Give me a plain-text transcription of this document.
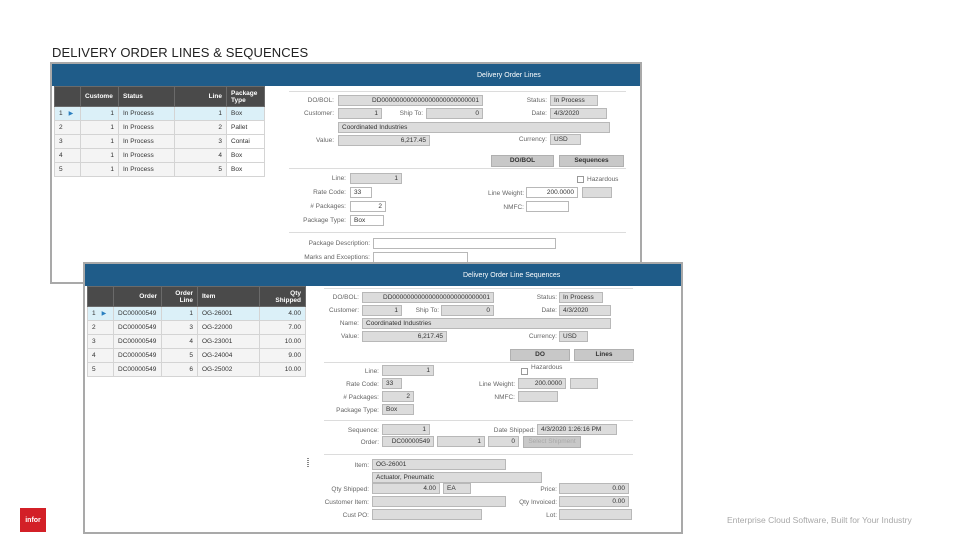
DELIVERY ORDER LINES & SEQUENCES
Delivery Order Lines
	Custome	Status	Line	Package Type
1 ▶	1	In Process	1	Box
2	1	In Process	2	Pallet
3	1	In Process	3	Contai
4	1	In Process	4	Box
5	1	In Process	5	Box
DO/BOL:	DD000000000000000000000000001
Customer:	1	Ship To:	0
Coordinated Industries
Value:	6,217.45
Status:	In Process
Date:	4/3/2020
Currency:	USD
DO/BOL	Sequences
Line:	1
Rate Code:	33
# Packages:	2
Package Type:	Box
Hazardous
Line Weight:	200.0000
NMFC:
Package Description:
Marks and Exceptions:
Delivery Order Line Sequences
	Order	Order Line	Item	Qty Shipped
1 ▶	DC00000549	1	OG-26001	4.00
2	DC00000549	3	OG-22000	7.00
3	DC00000549	4	OG-23001	10.00
4	DC00000549	5	OG-24004	9.00
5	DC00000549	6	OG-25002	10.00
DO/BOL:	DD000000000000000000000000001
Customer:	1	Ship To:	0
Name:	Coordinated Industries
Value:	6,217.45
Status: In Process
Date: 4/3/2020
Currency: USD
DO	Lines
Line:	1
Rate Code:	33
# Packages:	2
Package Type:	Box
Hazardous
Line Weight:	200.0000
NMFC:
Sequence:	1
Order:	DC00000549	1	0	Select Shipment
Date Shipped: 4/3/2020 1:26:16 PM
Item:	OG-26001
Actuator, Pneumatic
Qty Shipped:	4.00	EA
Customer Item:
Cust PO:
Price:	0.00
Qty Invoiced:	0.00
Lot:
infor	Enterprise Cloud Software, Built for Your Industry
